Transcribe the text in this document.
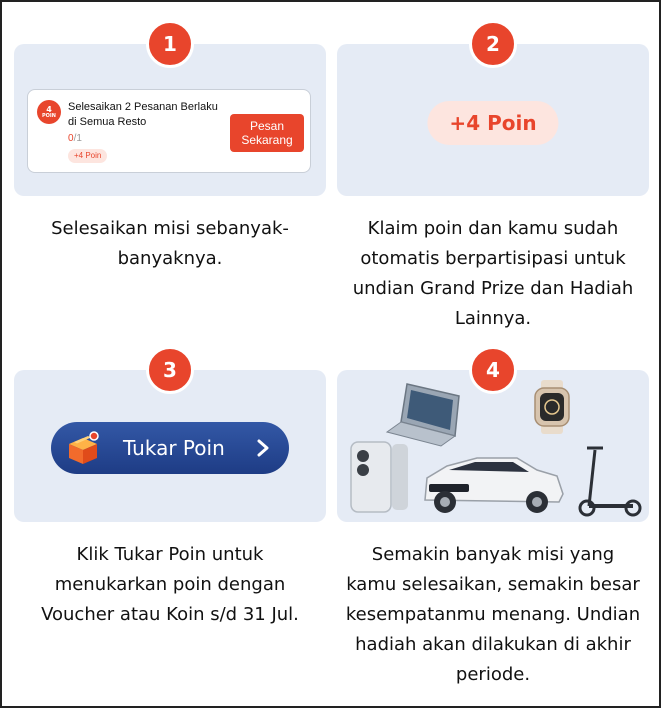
1
4
POIN
Selesaikan 2 Pesanan Berlaku di Semua Resto
0/1
+4 Poin
Pesan Sekarang
Selesaikan misi sebanyak-banyaknya.
2
+4 Poin
Klaim poin dan kamu sudah otomatis berpartisipasi untuk undian Grand Prize dan Hadiah Lainnya.
3
Tukar Poin
Klik Tukar Poin untuk menukarkan poin dengan Voucher atau Koin s/d 31 Jul.
4
Semakin banyak misi yang kamu selesaikan, semakin besar kesempatanmu menang. Undian hadiah akan dilakukan di akhir periode.
